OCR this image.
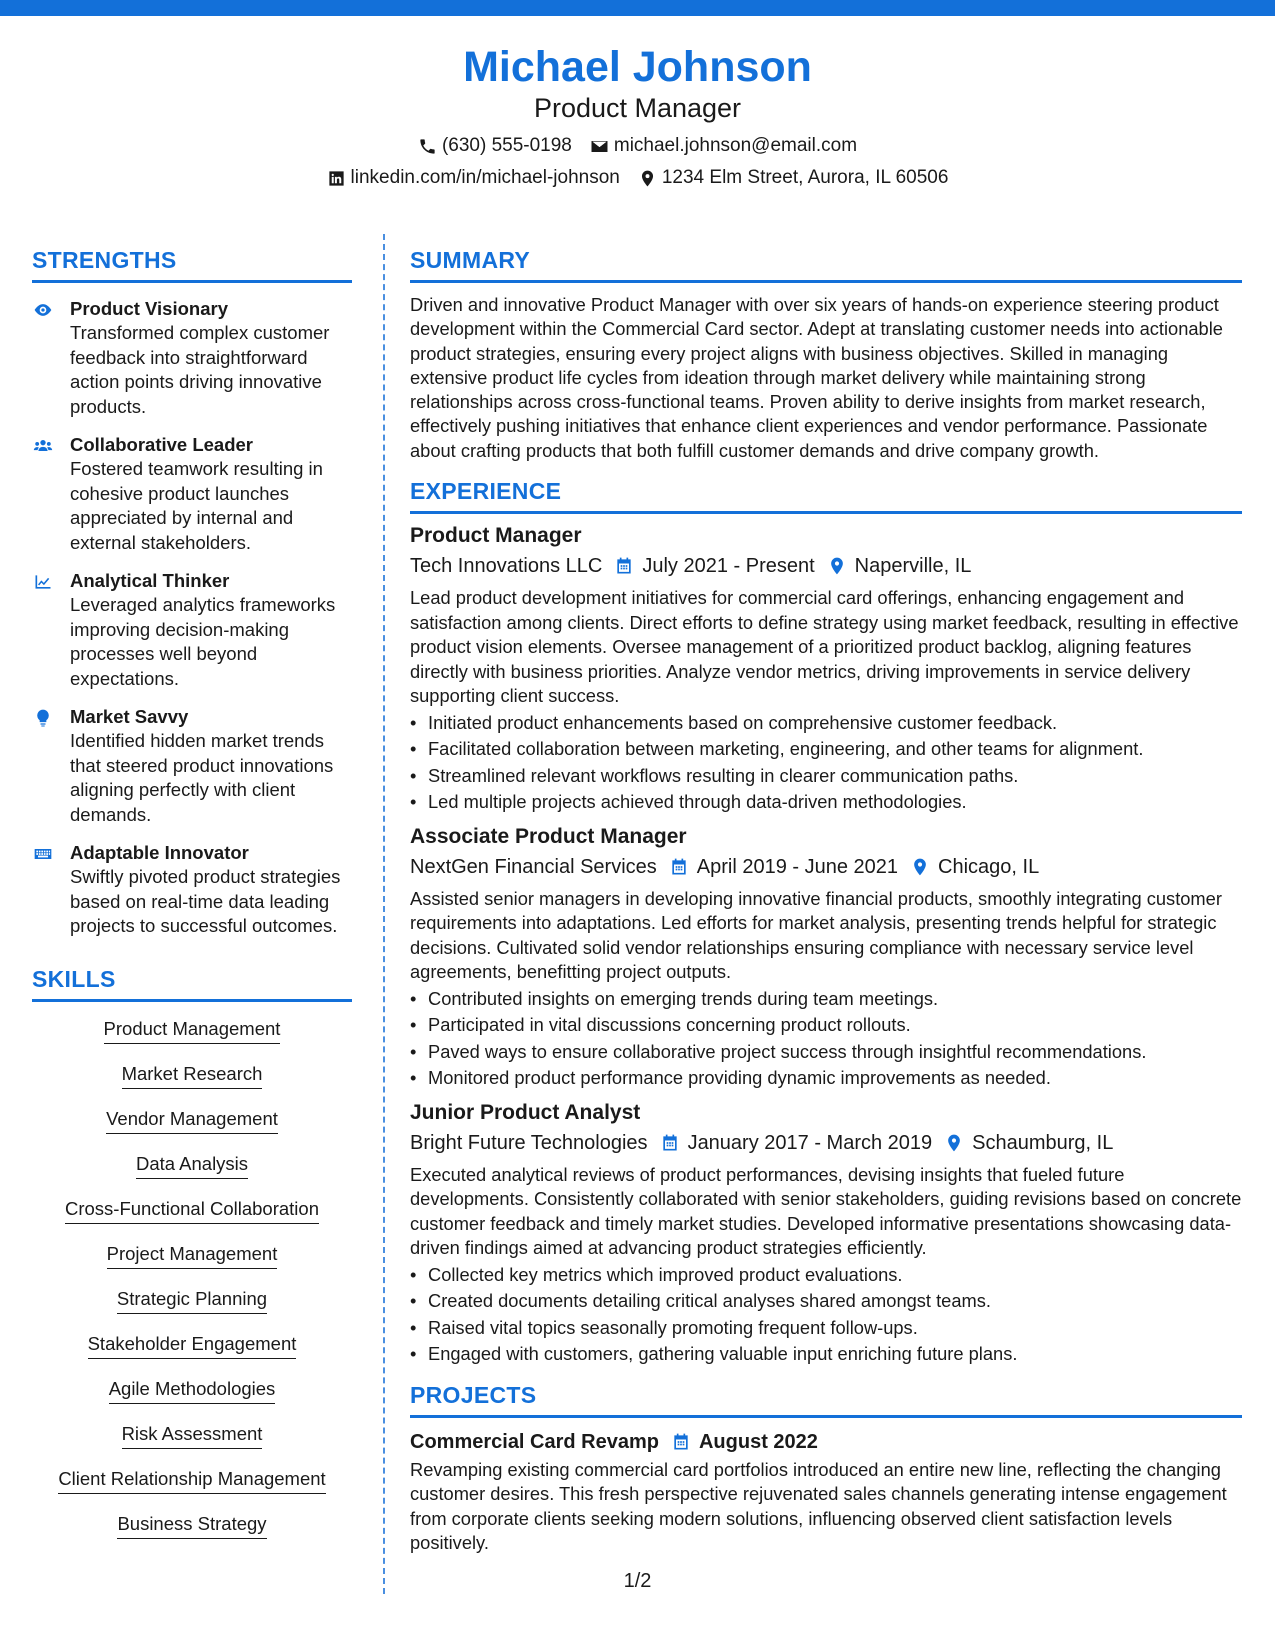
Michael Johnson
Product Manager
(630) 555-0198 michael.johnson@email.com
linkedin.com/in/michael-johnson 1234 Elm Street, Aurora, IL 60506
STRENGTHS
Product Visionary
Transformed complex customer feedback into straightforward action points driving innovative products.
Collaborative Leader
Fostered teamwork resulting in cohesive product launches appreciated by internal and external stakeholders.
Analytical Thinker
Leveraged analytics frameworks improving decision-making processes well beyond expectations.
Market Savvy
Identified hidden market trends that steered product innovations aligning perfectly with client demands.
Adaptable Innovator
Swiftly pivoted product strategies based on real-time data leading projects to successful outcomes.
SKILLS
Product Management
Market Research
Vendor Management
Data Analysis
Cross-Functional Collaboration
Project Management
Strategic Planning
Stakeholder Engagement
Agile Methodologies
Risk Assessment
Client Relationship Management
Business Strategy
SUMMARY
Driven and innovative Product Manager with over six years of hands-on experience steering product development within the Commercial Card sector. Adept at translating customer needs into actionable product strategies, ensuring every project aligns with business objectives. Skilled in managing extensive product life cycles from ideation through market delivery while maintaining strong relationships across cross-functional teams. Proven ability to derive insights from market research, effectively pushing initiatives that enhance client experiences and vendor performance. Passionate about crafting products that both fulfill customer demands and drive company growth.
EXPERIENCE
Product Manager
Tech Innovations LLC July 2021 - Present Naperville, IL
Lead product development initiatives for commercial card offerings, enhancing engagement and satisfaction among clients. Direct efforts to define strategy using market feedback, resulting in effective product vision elements. Oversee management of a prioritized product backlog, aligning features directly with business priorities. Analyze vendor metrics, driving improvements in service delivery supporting client success.
• Initiated product enhancements based on comprehensive customer feedback.
• Facilitated collaboration between marketing, engineering, and other teams for alignment.
• Streamlined relevant workflows resulting in clearer communication paths.
• Led multiple projects achieved through data-driven methodologies.
Associate Product Manager
NextGen Financial Services April 2019 - June 2021 Chicago, IL
Assisted senior managers in developing innovative financial products, smoothly integrating customer requirements into adaptations. Led efforts for market analysis, presenting trends helpful for strategic decisions. Cultivated solid vendor relationships ensuring compliance with necessary service level agreements, benefitting project outputs.
• Contributed insights on emerging trends during team meetings.
• Participated in vital discussions concerning product rollouts.
• Paved ways to ensure collaborative project success through insightful recommendations.
• Monitored product performance providing dynamic improvements as needed.
Junior Product Analyst
Bright Future Technologies January 2017 - March 2019 Schaumburg, IL
Executed analytical reviews of product performances, devising insights that fueled future developments. Consistently collaborated with senior stakeholders, guiding revisions based on concrete customer feedback and timely market studies. Developed informative presentations showcasing data-driven findings aimed at advancing product strategies efficiently.
• Collected key metrics which improved product evaluations.
• Created documents detailing critical analyses shared amongst teams.
• Raised vital topics seasonally promoting frequent follow-ups.
• Engaged with customers, gathering valuable input enriching future plans.
PROJECTS
Commercial Card Revamp August 2022
Revamping existing commercial card portfolios introduced an entire new line, reflecting the changing customer desires. This fresh perspective rejuvenated sales channels generating intense engagement from corporate clients seeking modern solutions, influencing observed client satisfaction levels positively.
1/2
